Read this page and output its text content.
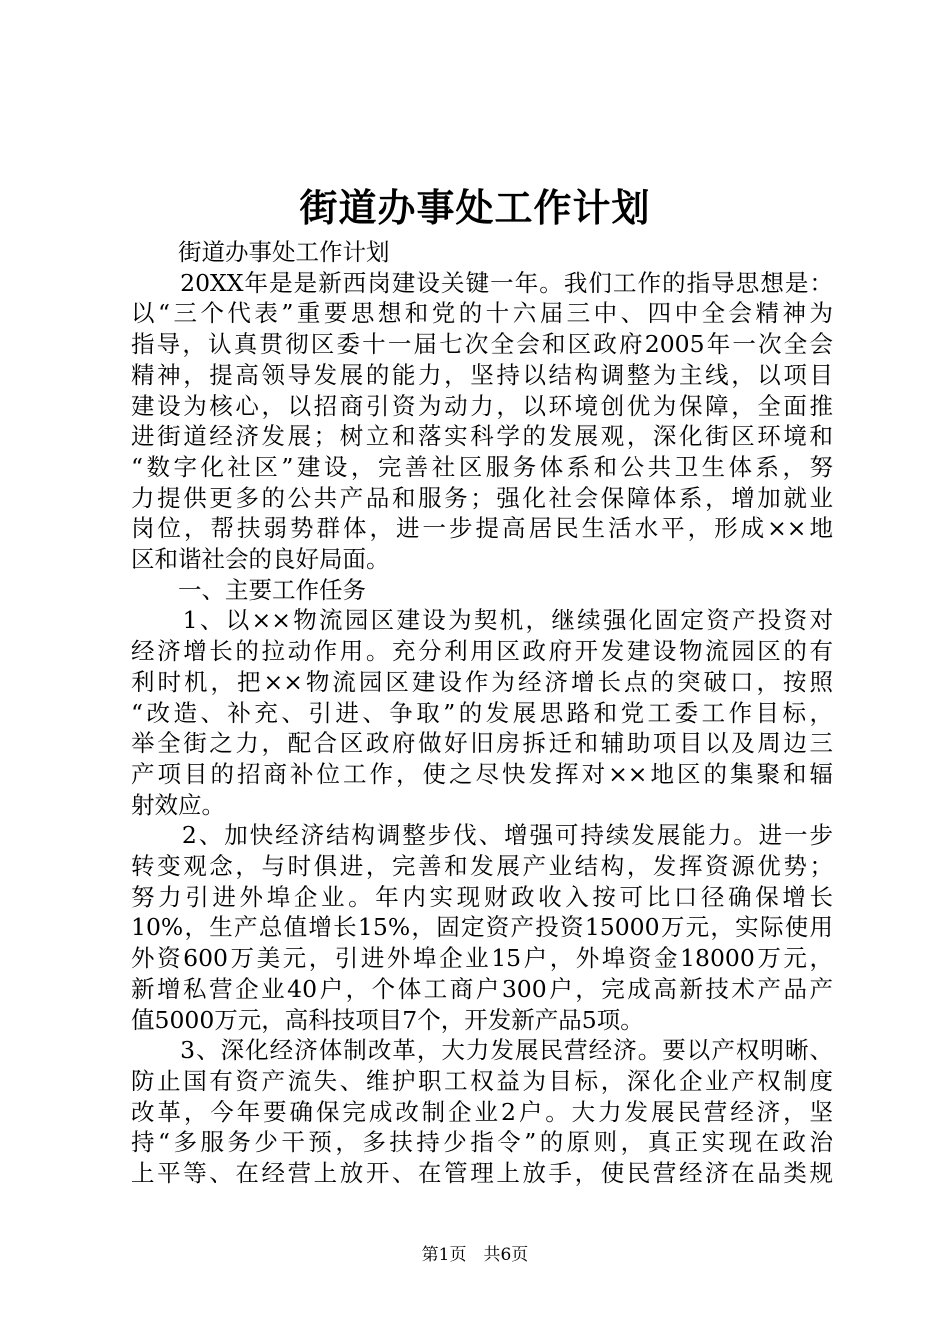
街道办事处工作计划
　　街道办事处工作计划
　　20XX年是是新西岗建设关键一年。我们工作的指导思想是：
以“三个代表”重要思想和党的十六届三中、四中全会精神为
指导，认真贯彻区委十一届七次全会和区政府2005年一次全会
精神，提高领导发展的能力，坚持以结构调整为主线，以项目
建设为核心，以招商引资为动力，以环境创优为保障，全面推
进街道经济发展；树立和落实科学的发展观，深化街区环境和
“数字化社区”建设，完善社区服务体系和公共卫生体系，努
力提供更多的公共产品和服务；强化社会保障体系，增加就业
岗位，帮扶弱势群体，进一步提高居民生活水平，形成××地
区和谐社会的良好局面。
　　一、主要工作任务
　　1、以××物流园区建设为契机，继续强化固定资产投资对
经济增长的拉动作用。充分利用区政府开发建设物流园区的有
利时机，把××物流园区建设作为经济增长点的突破口，按照
“改造、补充、引进、争取”的发展思路和党工委工作目标，
举全街之力，配合区政府做好旧房拆迁和辅助项目以及周边三
产项目的招商补位工作，使之尽快发挥对××地区的集聚和辐
射效应。
　　2、加快经济结构调整步伐、增强可持续发展能力。进一步
转变观念，与时俱进，完善和发展产业结构，发挥资源优势；
努力引进外埠企业。年内实现财政收入按可比口径确保增长
10%，生产总值增长15%，固定资产投资15000万元，实际使用
外资600万美元，引进外埠企业15户，外埠资金18000万元，
新增私营企业40户，个体工商户300户，完成高新技术产品产
值5000万元，高科技项目7个，开发新产品5项。
　　3、深化经济体制改革，大力发展民营经济。要以产权明晰、
防止国有资产流失、维护职工权益为目标，深化企业产权制度
改革，今年要确保完成改制企业2户。大力发展民营经济，坚
持“多服务少干预，多扶持少指令”的原则，真正实现在政治
上平等、在经营上放开、在管理上放手，使民营经济在品类规
第1页　共6页
